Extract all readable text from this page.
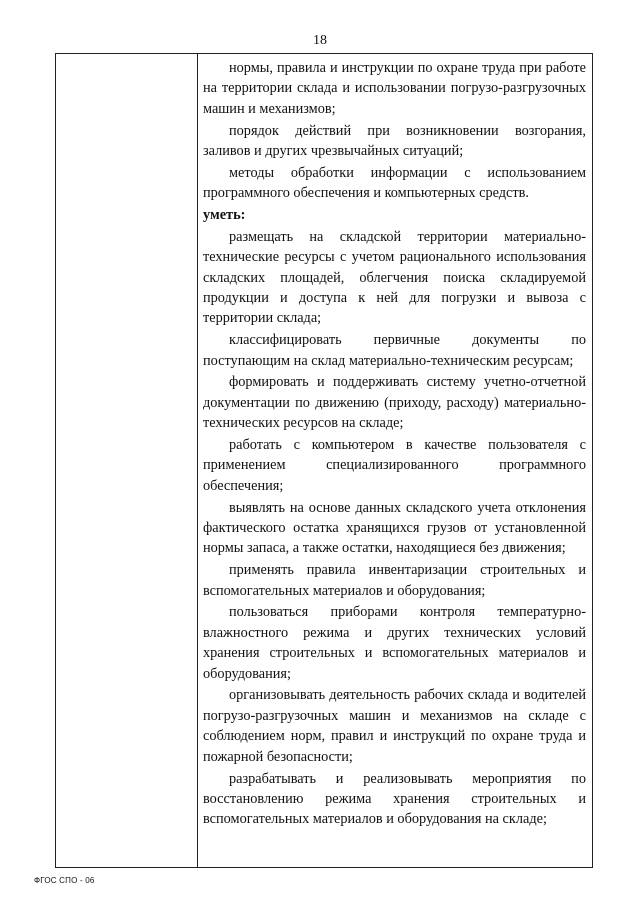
18

нормы, правила и инструкции по охране труда при работе на территории склада и использовании погрузо-разгрузочных машин и механизмов;

порядок действий при возникновении возгорания, заливов и других чрезвычайных ситуаций;

методы обработки информации с использованием программного обеспечения и компьютерных средств.

уметь:

размещать на складской территории материально-технические ресурсы с учетом рационального использования складских площадей, облегчения поиска складируемой продукции и доступа к ней для погрузки и вывоза с территории склада;

классифицировать первичные документы по поступающим на склад материально-техническим ресурсам;

формировать и поддерживать систему учетно-отчетной документации по движению (приходу, расходу) материально-технических ресурсов на складе;

работать с компьютером в качестве пользователя с применением специализированного программного обеспечения;

выявлять на основе данных складского учета отклонения фактического остатка хранящихся грузов от установленной нормы запаса, а также остатки, находящиеся без движения;

применять правила инвентаризации строительных и вспомогательных материалов и оборудования;

пользоваться приборами контроля температурно-влажностного режима и других технических условий хранения строительных и вспомогательных материалов и оборудования;

организовывать деятельность рабочих склада и водителей погрузо-разгрузочных машин и механизмов на складе с соблюдением норм, правил и инструкций по охране труда и пожарной безопасности;

разрабатывать и реализовывать мероприятия по восстановлению режима хранения строительных и вспомогательных материалов и оборудования на складе;

ФГОС СПО - 06
